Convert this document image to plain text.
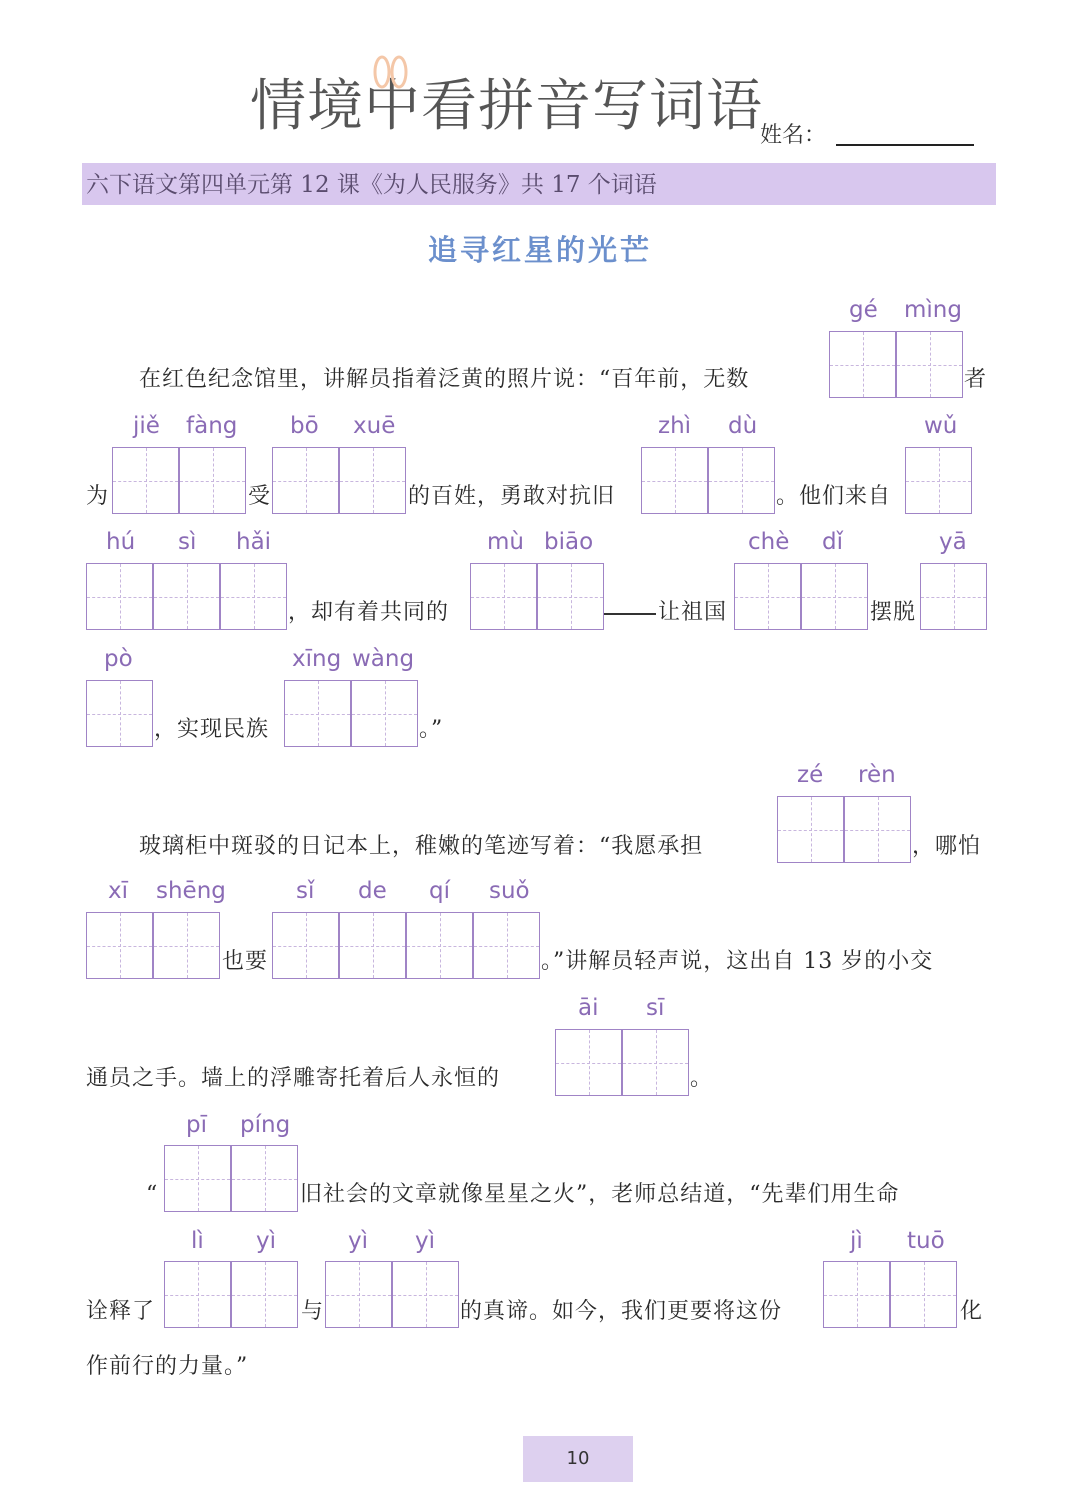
情境中看拼音写词语
姓名：
六下语文第四单元第 12 课《为人民服务》共 17 个词语
追寻红星的光芒
gé mìng
在红色纪念馆里，讲解员指着泛黄的照片说：“百年前，无数	者
jiě fàng bō xuē	zhì dù	wǔ
为	受	的百姓，勇敢对抗旧	。他们来自
hú sì hǎi	mù biāo	chè dǐ	yā
，却有着共同的	让祖国	摆脱
pò	xīng wàng
，实现民族	。”
zé rèn
玻璃柜中斑驳的日记本上，稚嫩的笔迹写着：“我愿承担	，哪怕
xī shēng	sǐ de qí suǒ
也要	。”讲解员轻声说，这出自 13 岁的小交
āi sī
通员之手。墙上的浮雕寄托着后人永恒的	。
pī píng
“	旧社会的文章就像星星之火”，老师总结道，“先辈们用生命
lì yì	yì yì	jì tuō
诠释了	与	的真谛。如今，我们更要将这份	化
作前行的力量。”
10
